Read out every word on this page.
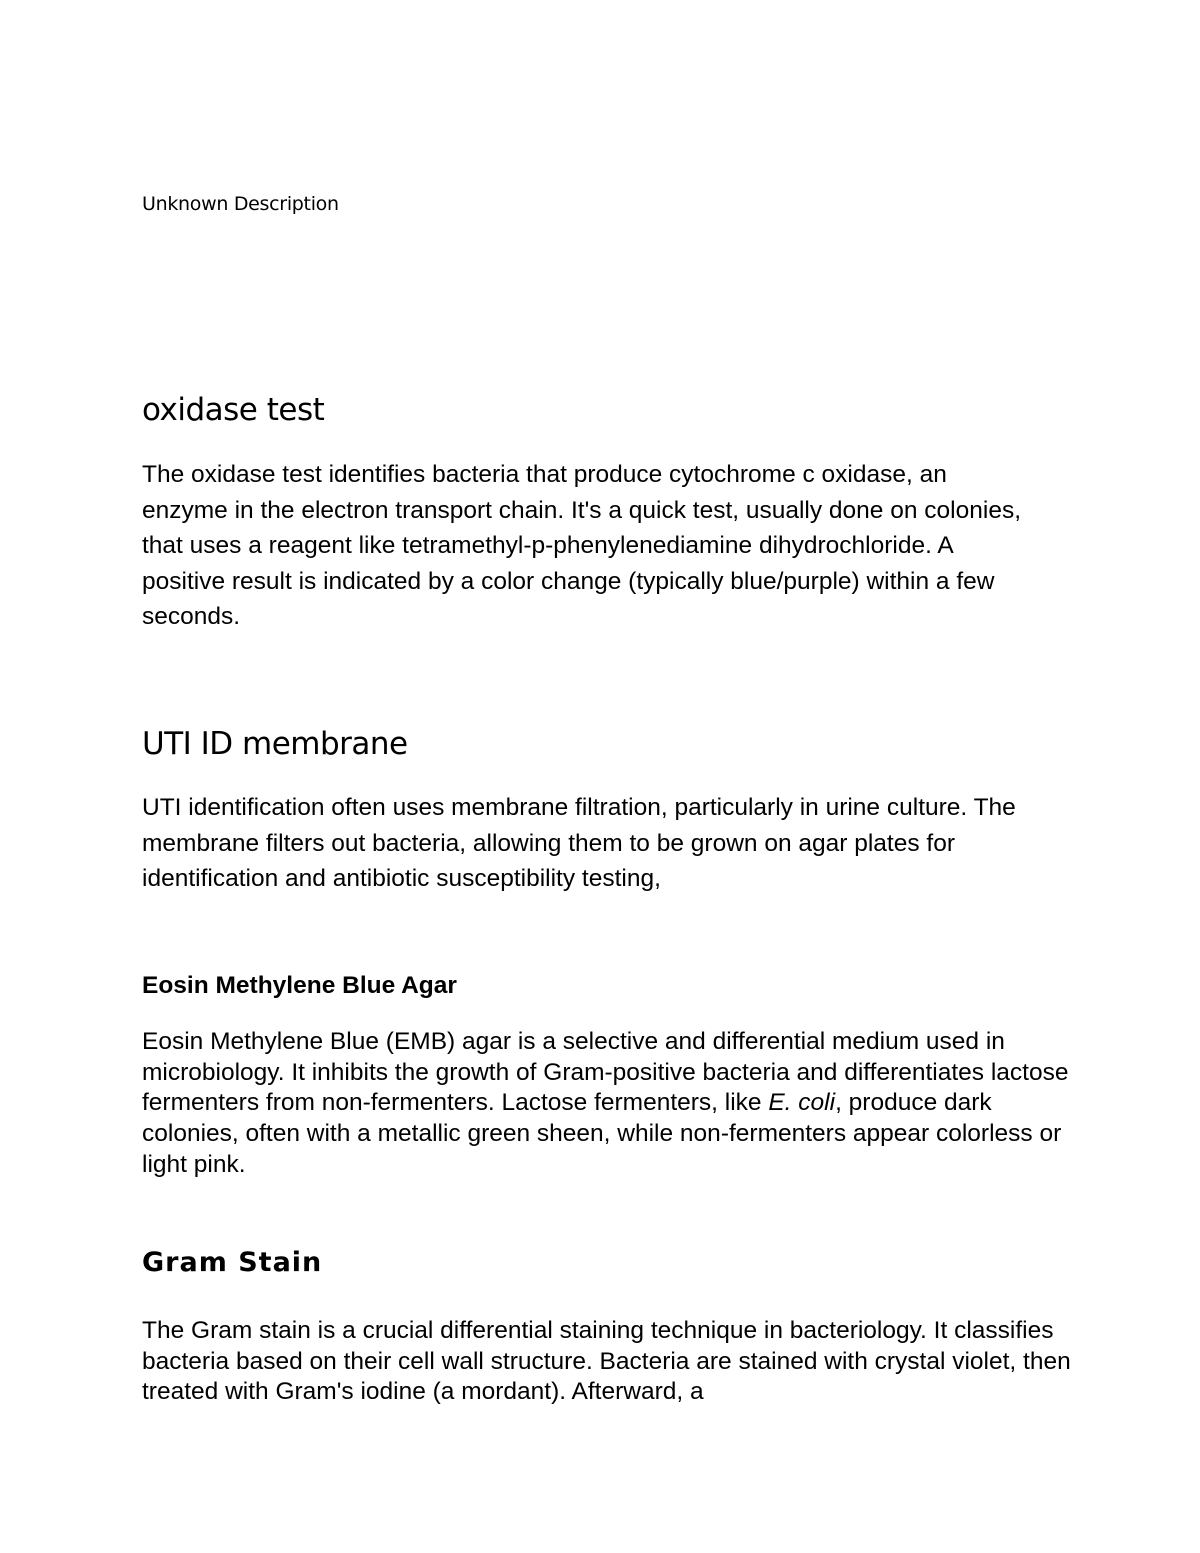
Unknown Description
oxidase test

The oxidase test identifies bacteria that produce cytochrome c oxidase, an enzyme in the electron transport chain. It's a quick test, usually done on colonies, that uses a reagent like tetramethyl-p-phenylenediamine dihydrochloride. A positive result is indicated by a color change (typically blue/purple) within a few seconds.

UTI ID membrane

UTI identification often uses membrane filtration, particularly in urine culture. The membrane filters out bacteria, allowing them to be grown on agar plates for identification and antibiotic susceptibility testing,

Eosin Methylene Blue Agar

Eosin Methylene Blue (EMB) agar is a selective and differential medium used in microbiology. It inhibits the growth of Gram-positive bacteria and differentiates lactose fermenters from non-fermenters. Lactose fermenters, like E. coli, produce dark colonies, often with a metallic green sheen, while non-fermenters appear colorless or light pink.

Gram Stain

The Gram stain is a crucial differential staining technique in bacteriology. It classifies bacteria based on their cell wall structure. Bacteria are stained with crystal violet, then treated with Gram's iodine (a mordant). Afterward, a
